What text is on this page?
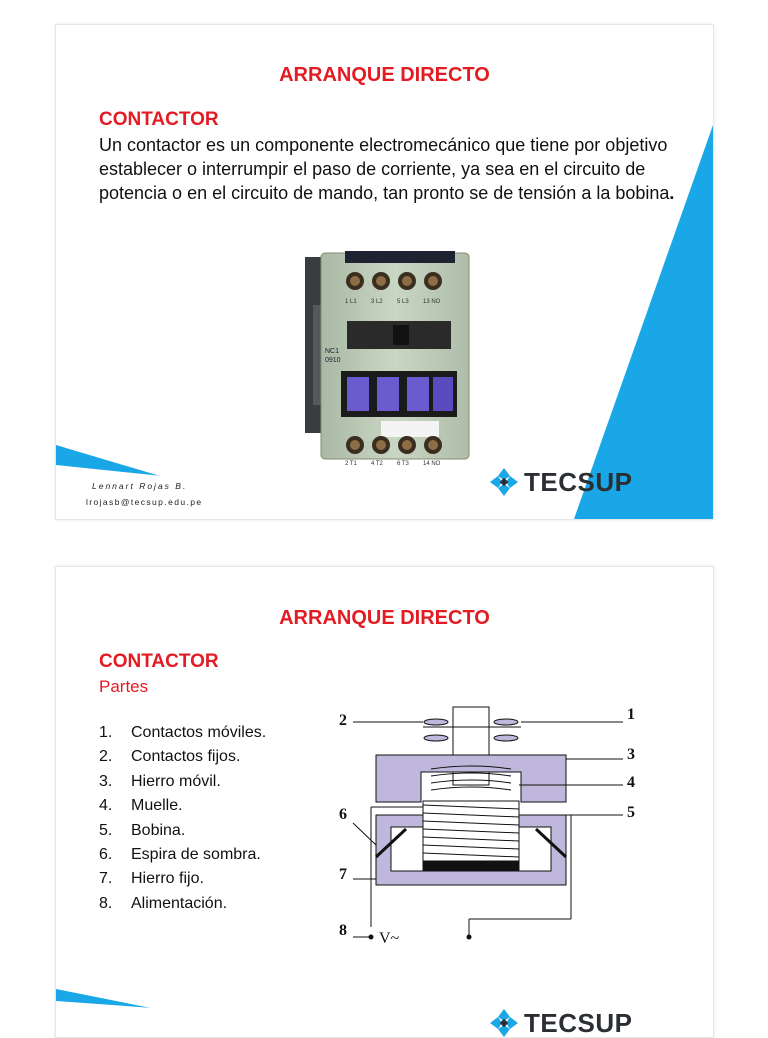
ARRANQUE DIRECTO
CONTACTOR
Un contactor es un componente electromecánico que tiene por objetivo establecer o interrumpir el paso de corriente, ya sea en el circuito de potencia o en el circuito de mando, tan pronto se de tensión a la bobina.
1 L1 3 L2 5 L3 13 NO
NC1 0910
2 T1 4 T2 6 T3 14 NO
Lennart Rojas B.
lrojasb@tecsup.edu.pe
TECSUP
ARRANQUE DIRECTO
CONTACTOR
Partes
1.	Contactos móviles.
2.	Contactos fijos.
3.	Hierro móvil.
4.	Muelle.
5.	Bobina.
6.	Espira de sombra.
7.	Hierro fijo.
8.	Alimentación.
1
2
3
4
5
6
7
8 V~
TECSUP
